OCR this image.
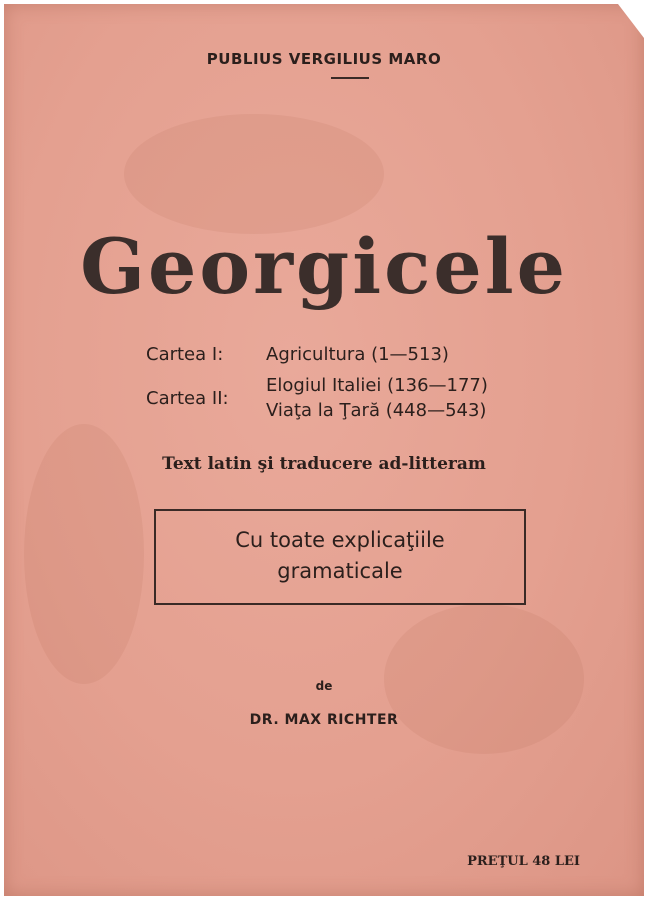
PUBLIUS VERGILIUS MARO
Georgicele
Cartea I:	Agricultura (1—513)
Cartea II:
Elogiul Italiei (136—177)
Viaţa la Ţară (448—543)
Text latin şi traducere ad-litteram
Cu toate explicaţiile
gramaticale
de
DR. MAX RICHTER
PREŢUL 48 LEI
